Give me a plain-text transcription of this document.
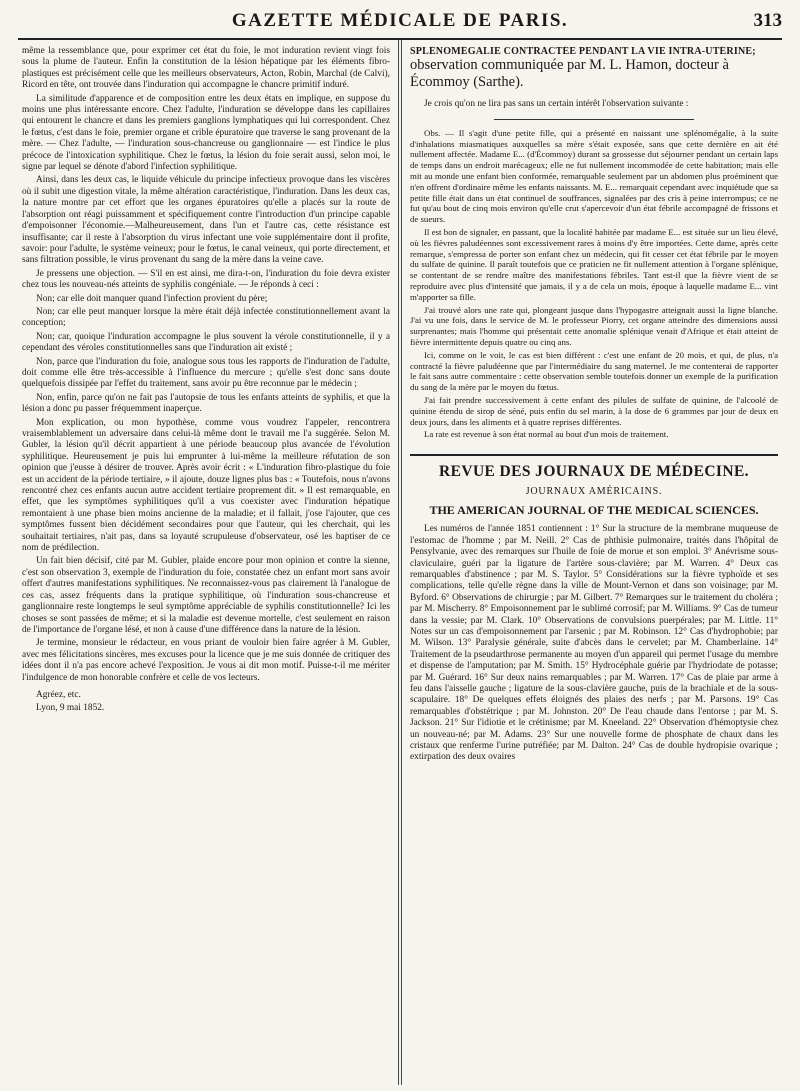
GAZETTE MÉDICALE DE PARIS.	313

même la ressemblance que, pour exprimer cet état du foie, le mot induration revient vingt fois sous la plume de l'auteur. Enfin la constitution de la lésion hépatique par les éléments fibro-plastiques est précisément celle que les meilleurs observateurs, Acton, Robin, Marchal (de Calvi), Ricord en tête, ont trouvée dans l'induration qui accompagne le chancre primitif induré.

La similitude d'apparence et de composition entre les deux états en implique, en suppose du moins une plus intéressante encore. Chez l'adulte, l'induration se développe dans les capillaires qui entourent le chancre et dans les premiers ganglions lymphatiques qui lui correspondent. Chez le fœtus, c'est dans le foie, premier organe et crible épuratoire que traverse le sang provenant de la mère. — Chez l'adulte, — l'induration sous-chancreuse ou ganglionnaire — est l'indice le plus précoce de l'intoxication syphilitique. Chez le fœtus, la lésion du foie serait aussi, selon moi, le signe par lequel se dénote d'abord l'infection syphilitique.

Ainsi, dans les deux cas, le liquide véhicule du principe infectieux provoque dans les viscères où il subit une digestion vitale, la même altération caractéristique, l'induration. Dans les deux cas, la nature montre par cet effort que les organes épuratoires qu'elle a placés sur la route de l'absorption ont réagi puissamment et spécifiquement contre l'introduction d'un principe capable d'empoisonner l'économie.—Malheureusement, dans l'un et l'autre cas, cette résistance est insuffisante; car il reste à l'absorption du virus infectant une voie supplémentaire dont il profite, savoir: pour l'adulte, le système veineux; pour le fœtus, le canal veineux, qui porte directement, et sans filtration possible, le virus provenant du sang de la mère dans la veine cave.

Je pressens une objection. — S'il en est ainsi, me dira-t-on, l'induration du foie devra exister chez tous les nouveau-nés atteints de syphilis congéniale. — Je réponds à ceci :

Non; car elle doit manquer quand l'infection provient du père;

Non; car elle peut manquer lorsque la mère était déjà infectée constitutionnellement avant la conception;

Non; car, quoique l'induration accompagne le plus souvent la vérole constitutionnelle, il y a cependant des véroles constitutionnelles sans que l'induration ait existé ;

Non, parce que l'induration du foie, analogue sous tous les rapports de l'induration de l'adulte, doit comme elle être très-accessible à l'influence du mercure ; qu'elle s'est donc sans doute quelquefois dissipée par l'effet du traitement, sans avoir pu être reconnue par le médecin ;

Non, enfin, parce qu'on ne fait pas l'autopsie de tous les enfants atteints de syphilis, et que la lésion a donc pu passer fréquemment inaperçue.

Mon explication, ou mon hypothèse, comme vous voudrez l'appeler, rencontrera vraisemblablement un adversaire dans celui-là même dont le travail me l'a suggérée. Selon M. Gubler, la lésion qu'il décrit appartient à une période beaucoup plus avancée de l'évolution syphilitique. Heureusement je puis lui emprunter à lui-même la meilleure réfutation de son opinion que j'eusse à désirer de trouver. Après avoir écrit : « L'induration fibro-plastique du foie est un accident de la période tertiaire, » il ajoute, douze lignes plus bas : « Toutefois, nous n'avons rencontré chez ces enfants aucun autre accident tertiaire proprement dit. » Il est remarquable, en effet, que les symptômes syphilitiques qu'il a vus coexister avec l'induration hépatique remontaient à une phase bien moins ancienne de la maladie; et il fallait, j'ose l'ajouter, que ces symptômes fussent bien décidément secondaires pour que l'auteur, qui les cherchait, qui les souhaitait tertiaires, n'ait pas, dans sa loyauté scrupuleuse d'observateur, osé les baptiser de ce nom de prédilection.

Un fait bien décisif, cité par M. Gubler, plaide encore pour mon opinion et contre la sienne, c'est son observation 3, exemple de l'induration du foie, constatée chez un enfant mort sans avoir offert d'autres manifestations syphilitiques. Ne reconnaissez-vous pas clairement là l'analogue de ces cas, assez fréquents dans la pratique syphilitique, où l'induration sous-chancreuse et ganglionnaire reste longtemps le seul symptôme appréciable de syphilis constitutionnelle? Ici les choses se sont passées de même; et si la maladie est devenue mortelle, c'est seulement en raison de l'importance de l'organe lésé, et non à cause d'une différence dans la nature de la lésion.

Je termine, monsieur le rédacteur, en vous priant de vouloir bien faire agréer à M. Gubler, avec mes félicitations sincères, mes excuses pour la licence que je me suis donnée de critiquer des idées dont il n'a pas encore achevé l'exposition. Je vous ai dit mon motif. Puisse-t-il me mériter l'indulgence de mon honorable confrère et celle de vos lecteurs.

Agréez, etc.

Lyon, 9 mai 1852.

SPLÉNOMÉGALIE CONTRACTÉE PENDANT LA VIE INTRA-UTÉRINE;
observation communiquée par M. L. Hamon, docteur à Écommoy (Sarthe).

Je crois qu'on ne lira pas sans un certain intérêt l'observation suivante :

Obs. — Il s'agit d'une petite fille, qui a présenté en naissant une splénomégalie, à la suite d'inhalations miasmatiques auxquelles sa mère s'était exposée, sans que cette dernière en ait été nullement affectée. Madame E... (d'Écommoy) durant sa grossesse dut séjourner pendant un certain laps de temps dans un endroit marécageux; elle ne fut nullement incommodée de cette habitation; mais elle mit au monde une enfant bien conformée, remarquable seulement par un abdomen plus proéminent que n'en offrent d'ordinaire même les enfants naissants. M. E... remarquait cependant avec inquiétude que sa petite fille était dans un état continuel de souffrances, signalées par des cris à peine interrompus; ce ne fut qu'au bout de cinq mois environ qu'elle crut s'apercevoir d'un état fébrile accompagné de frissons et de sueurs.

Il est bon de signaler, en passant, que la localité habitée par madame E... est située sur un lieu élevé, où les fièvres paludéennes sont excessivement rares à moins d'y être importées. Cette dame, après cette remarque, s'empressa de porter son enfant chez un médecin, qui fit cesser cet état fébrile par le moyen du sulfate de quinine. Il paraît toutefois que ce praticien ne fit nullement attention à l'organe splénique, se contentant de se rendre maître des manifestations fébriles. Tant est-il que la fièvre vient de se reproduire avec plus d'intensité que jamais, il y a de cela un mois, époque à laquelle madame E... vint m'apporter sa fille.

J'ai trouvé alors une rate qui, plongeant jusque dans l'hypogastre atteignait aussi la ligne blanche. J'ai vu une fois, dans le service de M. le professeur Piorry, cet organe atteindre des dimensions aussi surprenantes; mais l'homme qui présentait cette anomalie splénique venait d'Afrique et était atteint de fièvre intermittente depuis quatre ou cinq ans.

Ici, comme on le voit, le cas est bien différent : c'est une enfant de 20 mois, et qui, de plus, n'a contracté la fièvre paludéenne que par l'intermédiaire du sang maternel. Je me contenterai de rapporter le fait sans autre commentaire : cette observation semble toutefois donner un exemple de la purification du sang de la mère par le moyen du fœtus.

J'ai fait prendre successivement à cette enfant des pilules de sulfate de quinine, de l'alcoolé de quinine étendu de sirop de séné, puis enfin du sel marin, à la dose de 6 grammes par jour de deux en deux jours, dans les aliments et à quatre reprises différentes.

La rate est revenue à son état normal au bout d'un mois de traitement.

REVUE DES JOURNAUX DE MÉDECINE.
JOURNAUX AMÉRICAINS.
THE AMERICAN JOURNAL OF THE MEDICAL SCIENCES.

Les numéros de l'année 1851 contiennent : 1° Sur la structure de la membrane muqueuse de l'estomac de l'homme ; par M. Neill. 2° Cas de phthisie pulmonaire, traités dans l'hôpital de Pensylvanie, avec des remarques sur l'huile de foie de morue et son emploi. 3° Anévrisme sous-claviculaire, guéri par la ligature de l'artère sous-clavière; par M. Warren. 4° Deux cas remarquables d'abstinence ; par M. S. Taylor. 5° Considérations sur la fièvre typhoïde et ses complications, telle qu'elle règne dans la ville de Mount-Vernon et dans son voisinage; par M. Byford. 6° Observations de chirurgie ; par M. Gilbert. 7° Remarques sur le traitement du choléra ; par M. Mischerry. 8° Empoisonnement par le sublimé corrosif; par M. Williams. 9° Cas de tumeur dans la vessie; par M. Clark. 10° Observations de convulsions puerpérales; par M. Little. 11° Notes sur un cas d'empoisonnement par l'arsenic ; par M. Robinson. 12° Cas d'hydrophobie; par M. Wilson. 13° Paralysie générale, suite d'abcès dans le cervelet; par M. Chamberlaine. 14° Traitement de la pseudarthrose permanente au moyen d'un appareil qui permet l'usage du membre et dispense de l'amputation; par M. Smith. 15° Hydrocéphale guérie par l'hydriodate de potasse; par M. Guérard. 16° Sur deux nains remarquables ; par M. Warren. 17° Cas de plaie par arme à feu dans l'aisselle gauche ; ligature de la sous-clavière gauche, puis de la brachiale et de la sous-scapulaire. 18° De quelques effets éloignés des plaies des nerfs ; par M. Parsons. 19° Cas remarquables d'obstétrique ; par M. Johnston. 20° De l'eau chaude dans l'entorse ; par M. S. Jackson. 21° Sur l'idiotie et le crétinisme; par M. Kneeland. 22° Observation d'hémoptysie chez un nouveau-né; par M. Adams. 23° Sur une nouvelle forme de phosphate de chaux dans les cristaux que renferme l'urine putréfiée; par M. Dalton. 24° Cas de double hydropisie ovarique ; extirpation des deux ovaires
